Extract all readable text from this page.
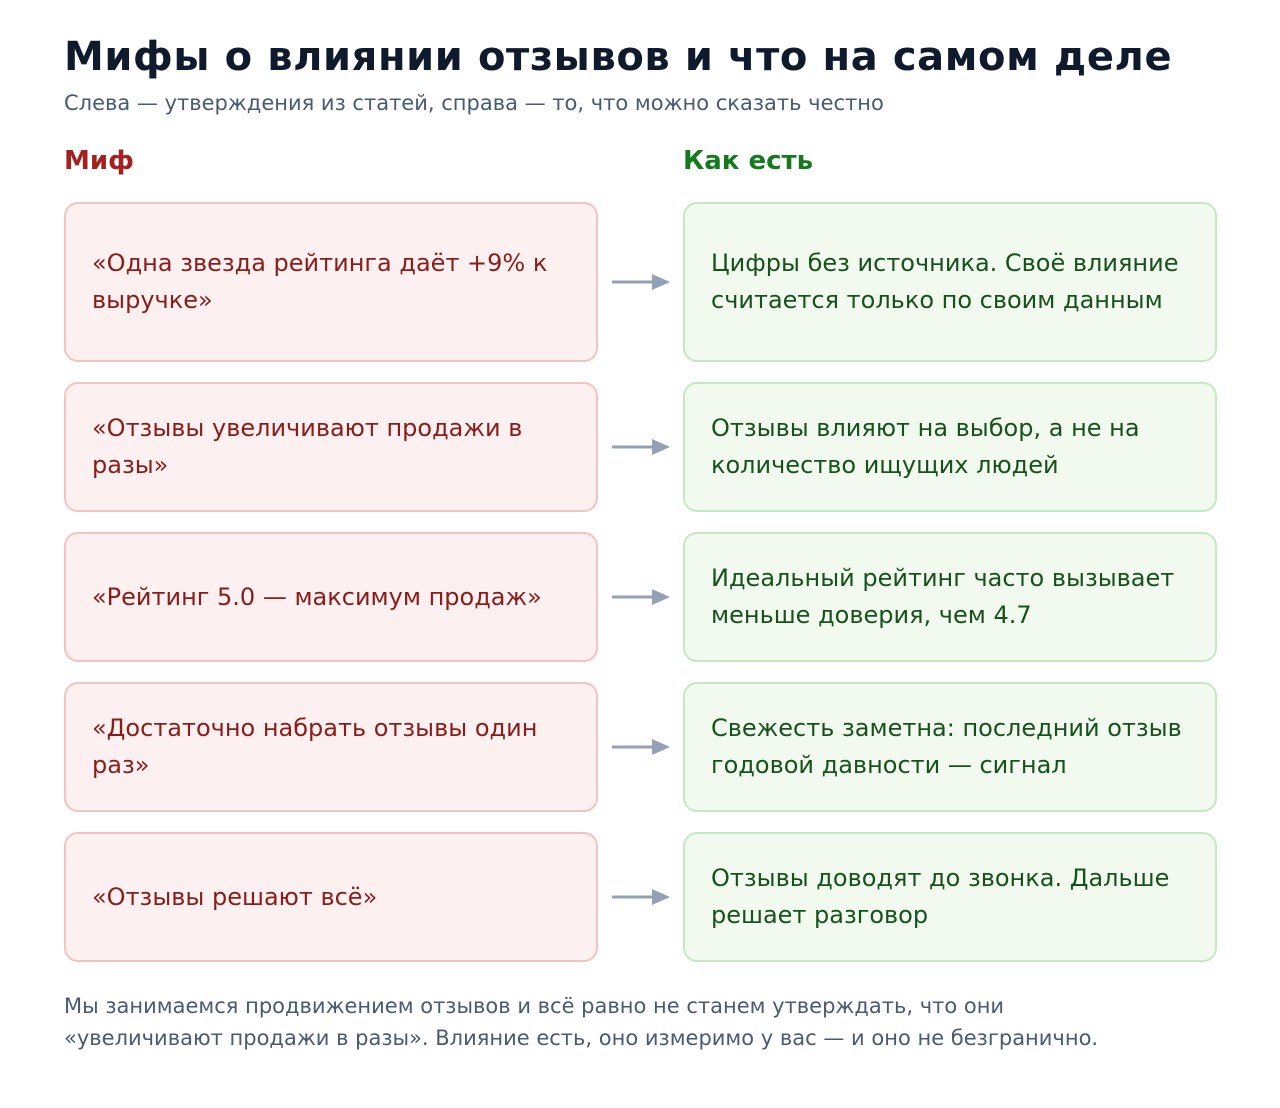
Мифы о влиянии отзывов и что на самом деле
Слева — утверждения из статей, справа — то, что можно сказать честно
Миф	Как есть
«Одна звезда рейтинга даёт +9% к выручке»
Цифры без источника. Своё влияние считается только по своим данным
«Отзывы увеличивают продажи в разы»
Отзывы влияют на выбор, а не на количество ищущих людей
«Рейтинг 5.0 — максимум продаж»
Идеальный рейтинг часто вызывает меньше доверия, чем 4.7
«Достаточно набрать отзывы один раз»
Свежесть заметна: последний отзыв годовой давности — сигнал
«Отзывы решают всё»
Отзывы доводят до звонка. Дальше решает разговор
Мы занимаемся продвижением отзывов и всё равно не станем утверждать, что они «увеличивают продажи в разы». Влияние есть, оно измеримо у вас — и оно не безгранично.
